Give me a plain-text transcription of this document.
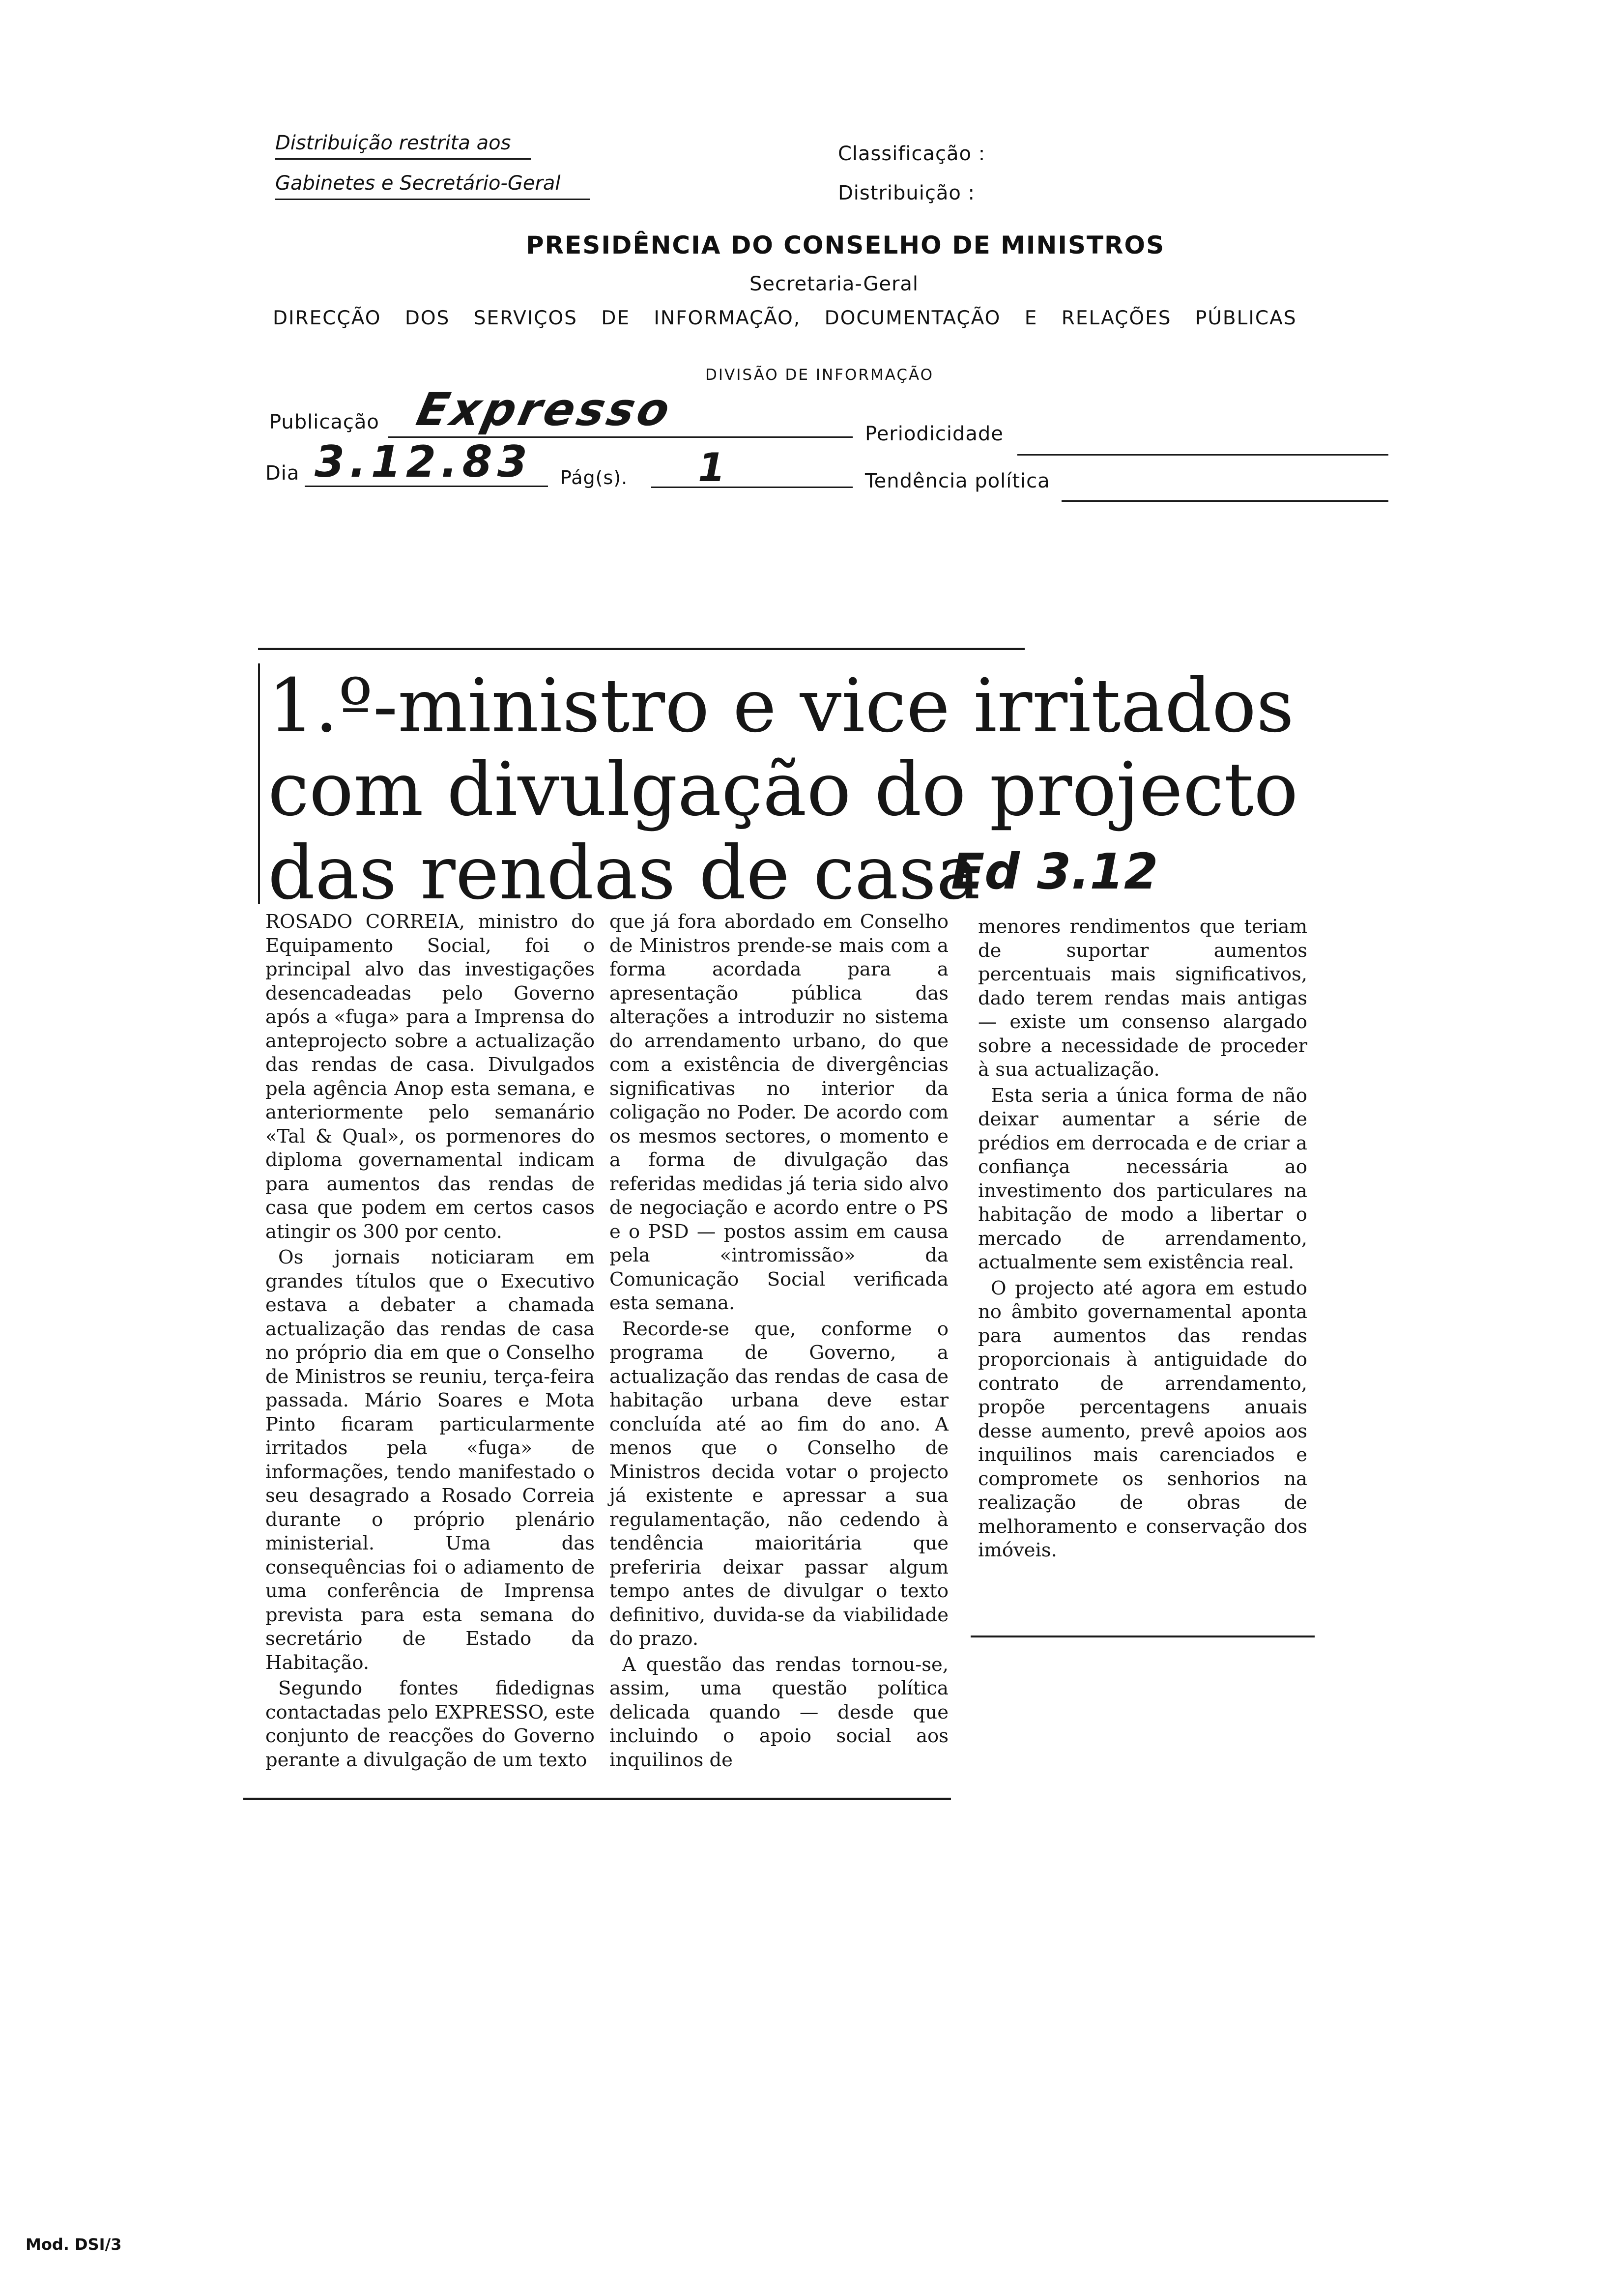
Distribuição restrita aos
Gabinetes e Secretário-Geral
Classificação :
Distribuição :
PRESIDÊNCIA DO CONSELHO DE MINISTROS
Secretaria-Geral
DIRECÇÃO DOS SERVIÇOS DE INFORMAÇÃO, DOCUMENTAÇÃO E RELAÇÕES PÚBLICAS
DIVISÃO DE INFORMAÇÃO
Publicação Expresso	Periodicidade
Dia 3.12.83 Pág(s). 1	Tendência política
1.º-ministro e vice irritados
com divulgação do projecto
das rendas de casa
Ed 3.12

ROSADO CORREIA, ministro do Equipamento Social, foi o principal alvo das investigações desencadeadas pelo Governo após a «fuga» para a Imprensa do anteprojecto sobre a actualização das rendas de casa. Divulgados pela agência Anop esta semana, e anteriormente pelo semanário «Tal & Qual», os pormenores do diploma governamental indicam para aumentos das rendas de casa que podem em certos casos atingir os 300 por cento.

Os jornais noticiaram em grandes títulos que o Executivo estava a debater a chamada actualização das rendas de casa no próprio dia em que o Conselho de Ministros se reuniu, terça-feira passada. Mário Soares e Mota Pinto ficaram particularmente irritados pela «fuga» de informações, tendo manifestado o seu desagrado a Rosado Correia durante o próprio plenário ministerial. Uma das consequências foi o adiamento de uma conferência de Imprensa prevista para esta semana do secretário de Estado da Habitação.

Segundo fontes fidedignas contactadas pelo EXPRESSO, este conjunto de reacções do Governo perante a divulgação de um texto

que já fora abordado em Conselho de Ministros prende-se mais com a forma acordada para a apresentação pública das alterações a introduzir no sistema do arrendamento urbano, do que com a existência de divergências significativas no interior da coligação no Poder. De acordo com os mesmos sectores, o momento e a forma de divulgação das referidas medidas já teria sido alvo de negociação e acordo entre o PS e o PSD — postos assim em causa pela «intromissão» da Comunicação Social verificada esta semana.

Recorde-se que, conforme o programa de Governo, a actualização das rendas de casa de habitação urbana deve estar concluída até ao fim do ano. A menos que o Conselho de Ministros decida votar o projecto já existente e apressar a sua regulamentação, não cedendo à tendência maioritária que preferiria deixar passar algum tempo antes de divulgar o texto definitivo, duvida-se da viabilidade do prazo.

A questão das rendas tornou-se, assim, uma questão política delicada quando — desde que incluindo o apoio social aos inquilinos de

menores rendimentos que teriam de suportar aumentos percentuais mais significativos, dado terem rendas mais antigas — existe um consenso alargado sobre a necessidade de proceder à sua actualização.

Esta seria a única forma de não deixar aumentar a série de prédios em derrocada e de criar a confiança necessária ao investimento dos particulares na habitação de modo a libertar o mercado de arrendamento, actualmente sem existência real.

O projecto até agora em estudo no âmbito governamental aponta para aumentos das rendas proporcionais à antiguidade do contrato de arrendamento, propõe percentagens anuais desse aumento, prevê apoios aos inquilinos mais carenciados e compromete os senhorios na realização de obras de melhoramento e conservação dos imóveis.

Mod. DSI/3
